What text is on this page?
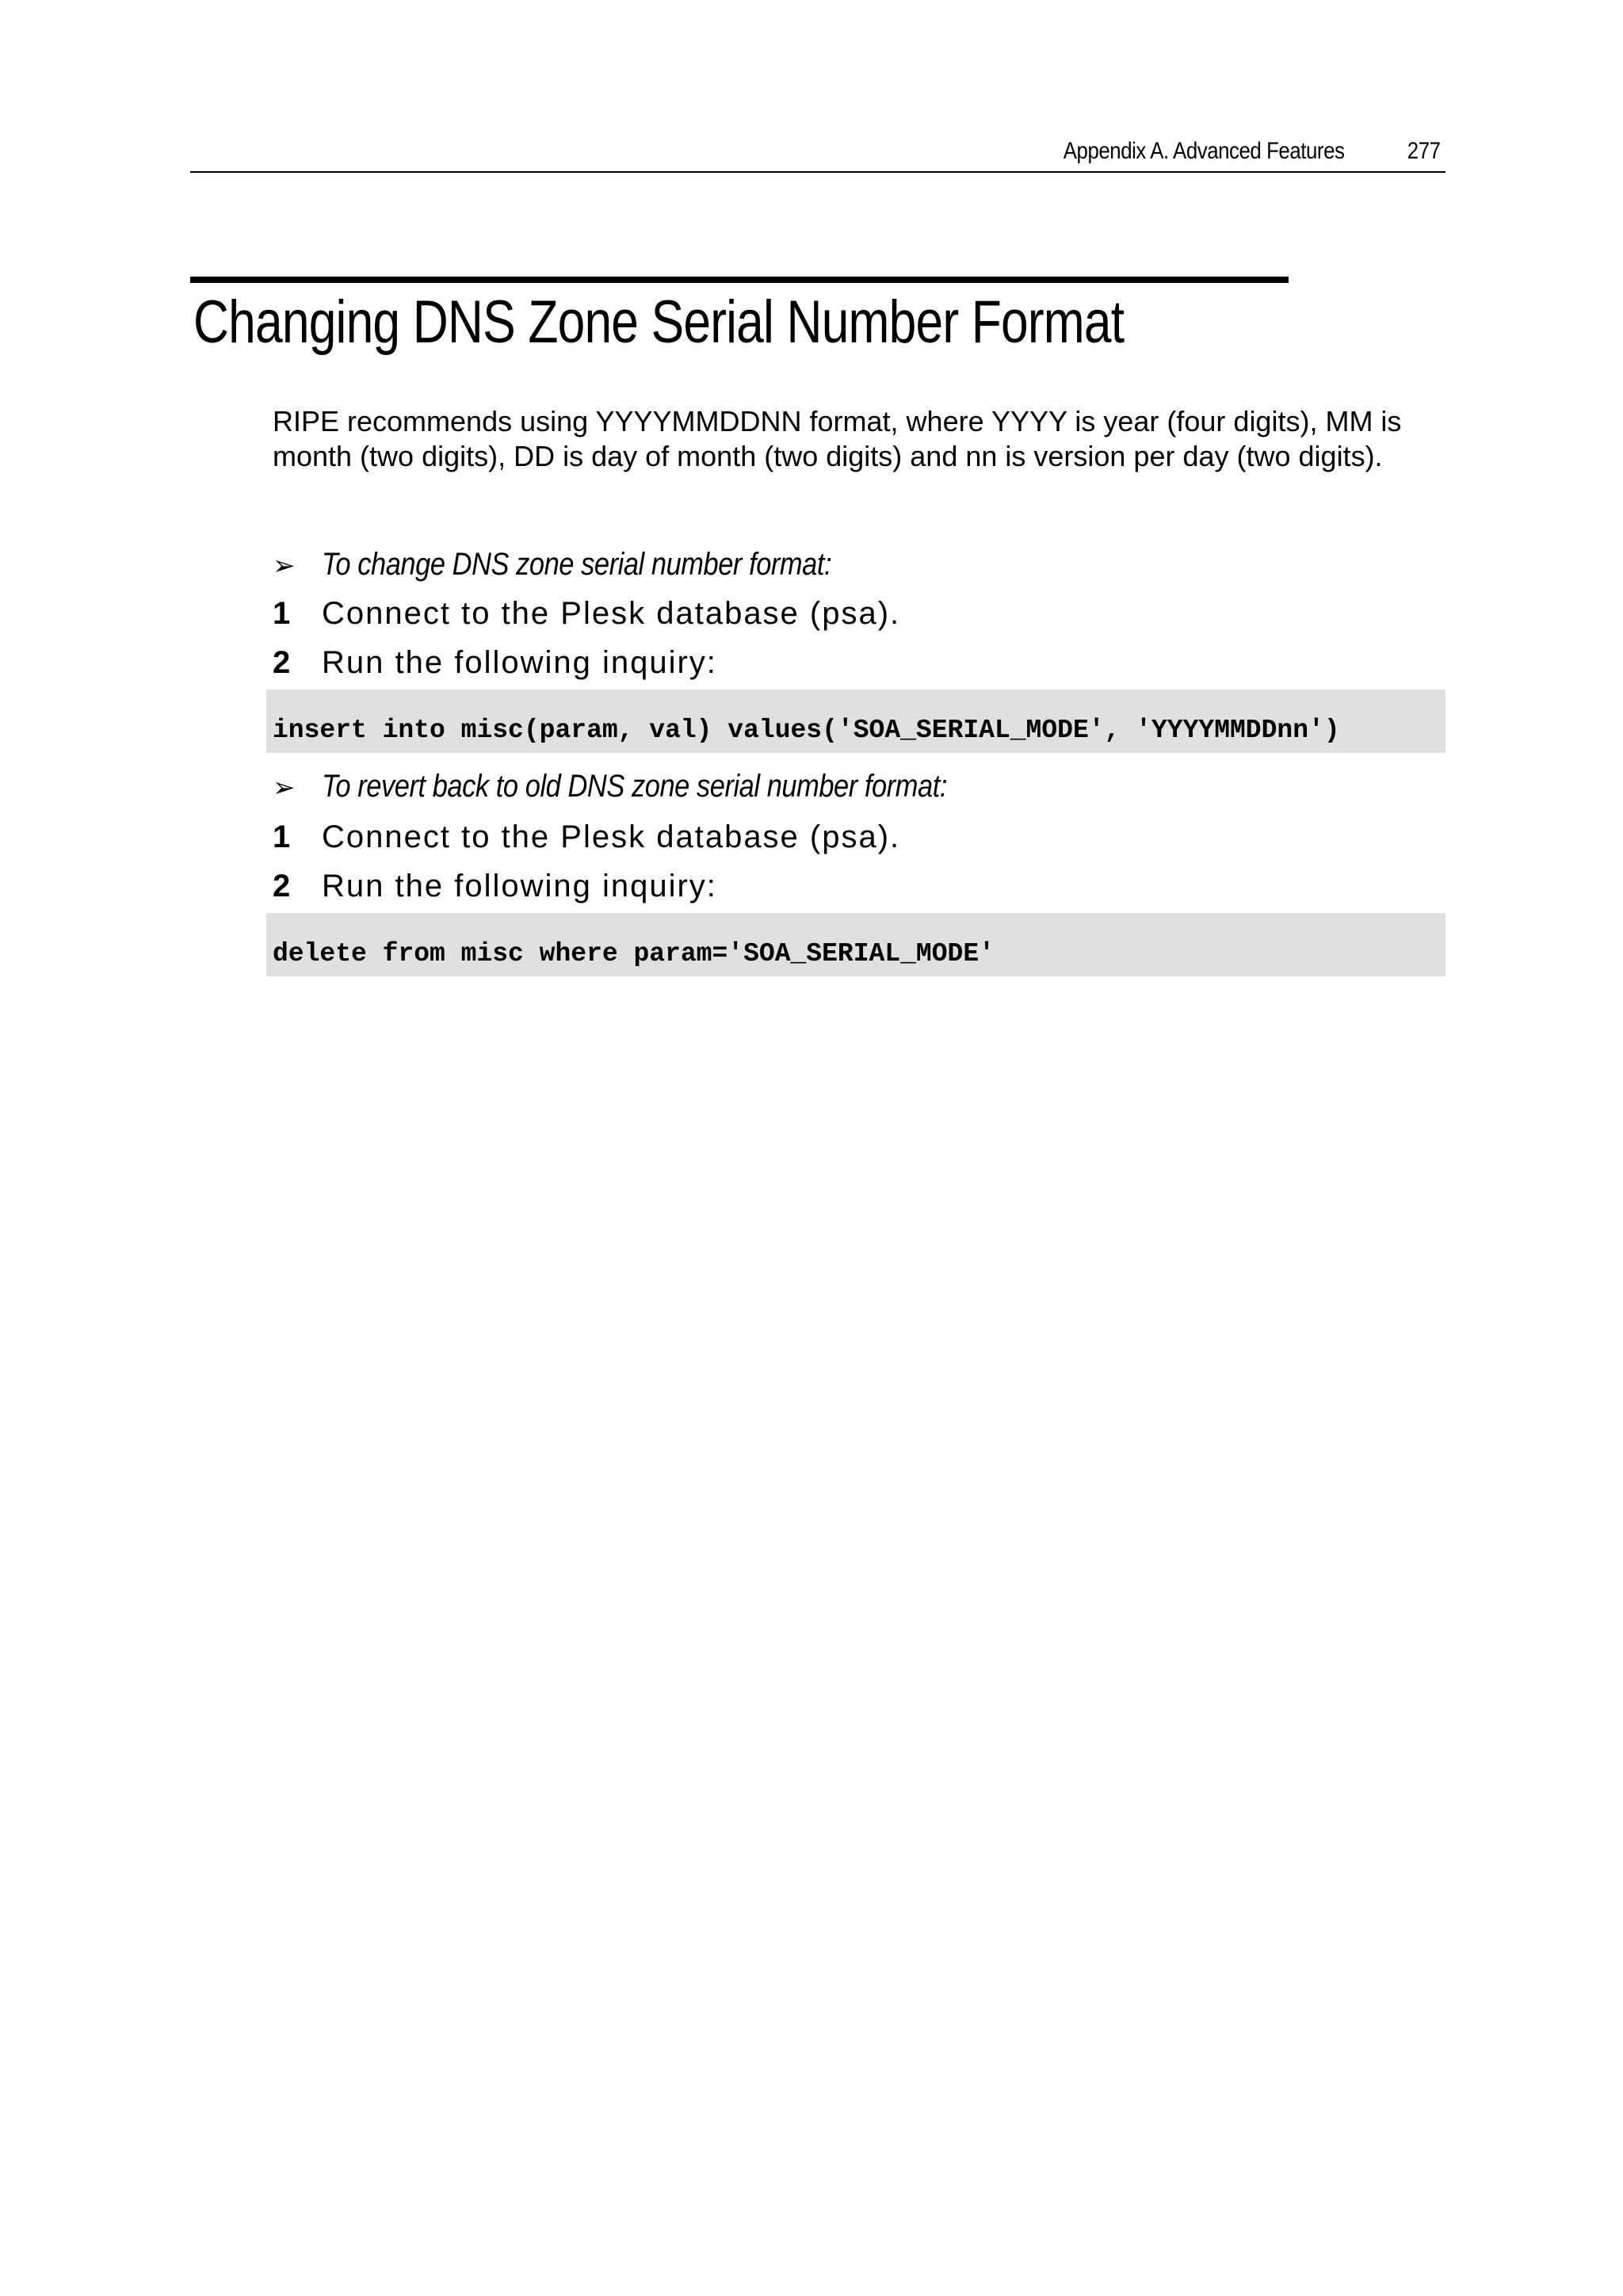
Appendix A. Advanced Features	277
Changing DNS Zone Serial Number Format

RIPE recommends using YYYYMMDDNN format, where YYYY is year (four digits), MM is month (two digits), DD is day of month (two digits) and nn is version per day (two digits).

➢ To change DNS zone serial number format:
1 Connect to the Plesk database (psa).
2 Run the following inquiry:
insert into misc(param, val) values('SOA_SERIAL_MODE', 'YYYYMMDDnn')
➢ To revert back to old DNS zone serial number format:
1 Connect to the Plesk database (psa).
2 Run the following inquiry:
delete from misc where param='SOA_SERIAL_MODE'
